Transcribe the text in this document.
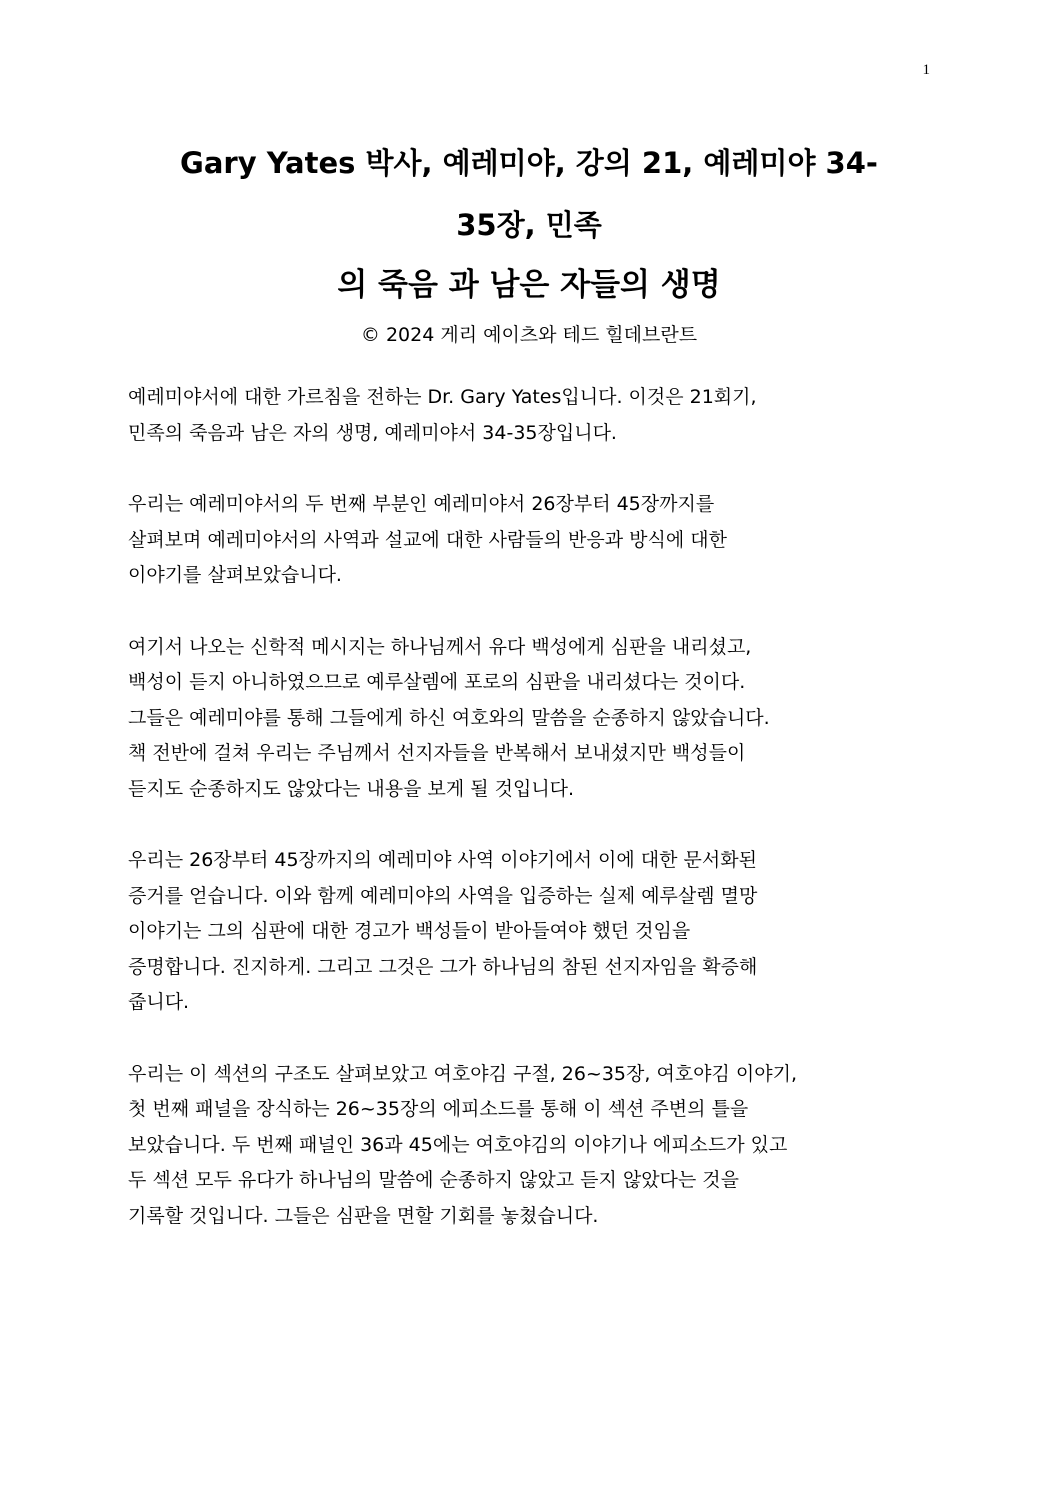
1

Gary Yates 박사, 예레미야, 강의 21, 예레미야 34-

35장, 민족

의 죽음 과 남은 자들의 생명

© 2024 게리 예이츠와 테드 힐데브란트

예레미야서에 대한 가르침을 전하는 Dr. Gary Yates입니다. 이것은 21회기,
민족의 죽음과 남은 자의 생명, 예레미야서 34-35장입니다.

우리는 예레미야서의 두 번째 부분인 예레미야서 26장부터 45장까지를
살펴보며 예레미야서의 사역과 설교에 대한 사람들의 반응과 방식에 대한
이야기를 살펴보았습니다.

여기서 나오는 신학적 메시지는 하나님께서 유다 백성에게 심판을 내리셨고,
백성이 듣지 아니하였으므로 예루살렘에 포로의 심판을 내리셨다는 것이다.
그들은 예레미야를 통해 그들에게 하신 여호와의 말씀을 순종하지 않았습니다.
책 전반에 걸쳐 우리는 주님께서 선지자들을 반복해서 보내셨지만 백성들이
듣지도 순종하지도 않았다는 내용을 보게 될 것입니다.

우리는 26장부터 45장까지의 예레미야 사역 이야기에서 이에 대한 문서화된
증거를 얻습니다. 이와 함께 예레미야의 사역을 입증하는 실제 예루살렘 멸망
이야기는 그의 심판에 대한 경고가 백성들이 받아들여야 했던 것임을
증명합니다. 진지하게. 그리고 그것은 그가 하나님의 참된 선지자임을 확증해
줍니다.

우리는 이 섹션의 구조도 살펴보았고 여호야김 구절, 26~35장, 여호야김 이야기,
첫 번째 패널을 장식하는 26~35장의 에피소드를 통해 이 섹션 주변의 틀을
보았습니다. 두 번째 패널인 36과 45에는 여호야김의 이야기나 에피소드가 있고
두 섹션 모두 유다가 하나님의 말씀에 순종하지 않았고 듣지 않았다는 것을
기록할 것입니다. 그들은 심판을 면할 기회를 놓쳤습니다.
